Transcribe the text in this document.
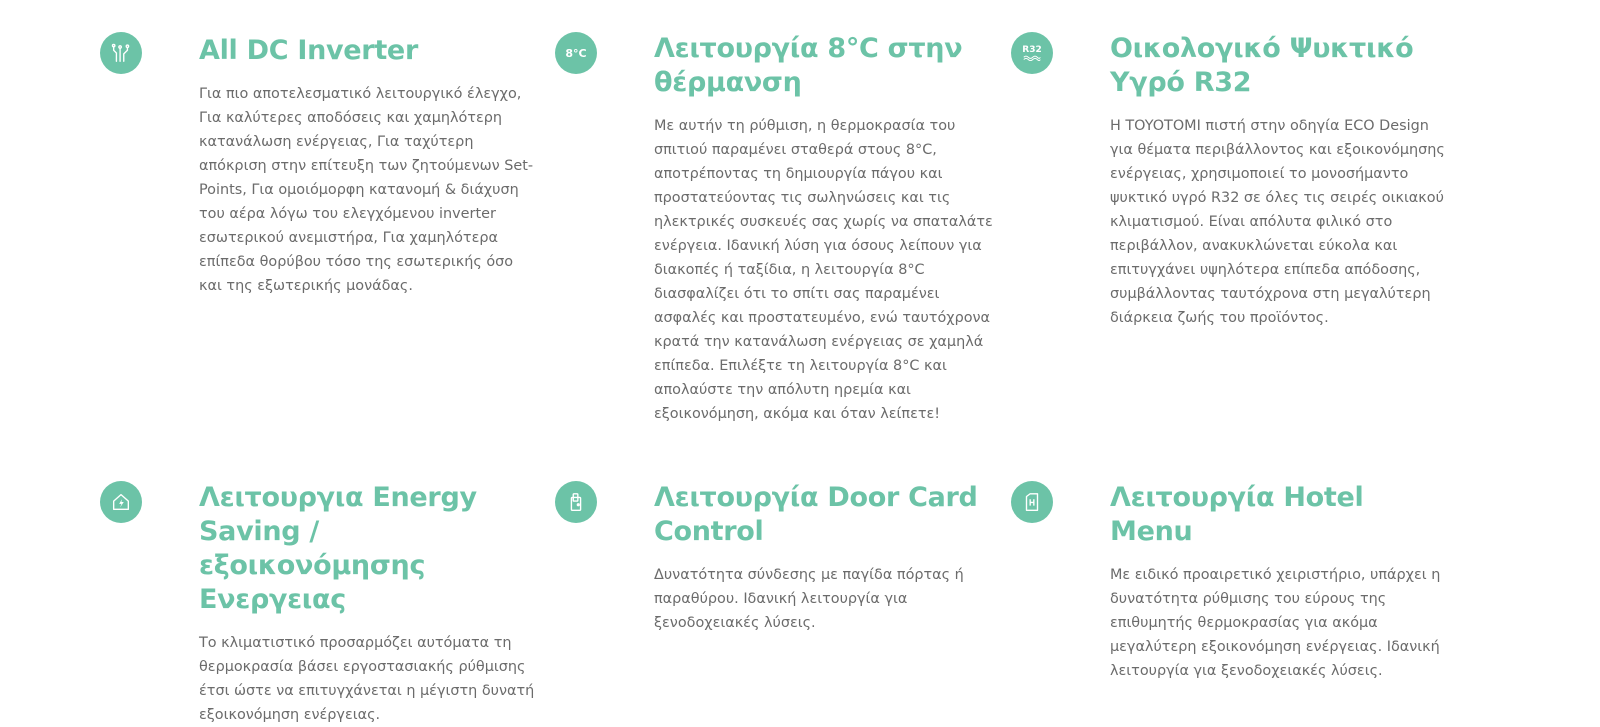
All DC Inverter

Για πιο αποτελεσματικό λειτουργικό έλεγχο, Για καλύτερες αποδόσεις και χαμηλότερη κατανάλωση ενέργειας, Για ταχύτερη απόκριση στην επίτευξη των ζητούμενων Set-Points, Για ομοιόμορφη κατανομή & διάχυση του αέρα λόγω του ελεγχόμενου inverter εσωτερικού ανεμιστήρα, Για χαμηλότερα επίπεδα θορύβου τόσο της εσωτερικής όσο και της εξωτερικής μονάδας.

8°C Λειτουργία 8°C στην θέρμανση

Με αυτήν τη ρύθμιση, η θερμοκρασία του σπιτιού παραμένει σταθερά στους 8°C, αποτρέποντας τη δημιουργία πάγου και προστατεύοντας τις σωληνώσεις και τις ηλεκτρικές συσκευές σας χωρίς να σπαταλάτε ενέργεια. Ιδανική λύση για όσους λείπουν για διακοπές ή ταξίδια, η λειτουργία 8°C διασφαλίζει ότι το σπίτι σας παραμένει ασφαλές και προστατευμένο, ενώ ταυτόχρονα κρατά την κατανάλωση ενέργειας σε χαμηλά επίπεδα. Επιλέξτε τη λειτουργία 8°C και απολαύστε την απόλυτη ηρεμία και εξοικονόμηση, ακόμα και όταν λείπετε!

R32	Οικολογικό Ψυκτικό Υγρό R32

Η TOYOTOMI πιστή στην οδηγία ECO Design για θέματα περιβάλλοντος και εξοικονόμησης ενέργειας, χρησιμοποιεί το μονοσήμαντο ψυκτικό υγρό R32 σε όλες τις σειρές οικιακού κλιματισμού. Είναι απόλυτα φιλικό στο περιβάλλον, ανακυκλώνεται εύκολα και επιτυγχάνει υψηλότερα επίπεδα απόδοσης, συμβάλλοντας ταυτόχρονα στη μεγαλύτερη διάρκεια ζωής του προϊόντος.

Λειτουργια Energy Saving / εξοικονόμησης Ενεργειας

Το κλιματιστικό προσαρμόζει αυτόματα τη θερμοκρασία βάσει εργοστασιακής ρύθμισης έτσι ώστε να επιτυγχάνεται η μέγιστη δυνατή εξοικονόμηση ενέργειας.

Λειτουργία Door Card Control

Δυνατότητα σύνδεσης με παγίδα πόρτας ή παραθύρου. Ιδανική λειτουργία για ξενοδοχειακές λύσεις.

Λειτουργία Hotel Menu

Με ειδικό προαιρετικό χειριστήριο, υπάρχει η δυνατότητα ρύθμισης του εύρους της επιθυμητής θερμοκρασίας για ακόμα μεγαλύτερη εξοικονόμηση ενέργειας. Ιδανική λειτουργία για ξενοδοχειακές λύσεις.
